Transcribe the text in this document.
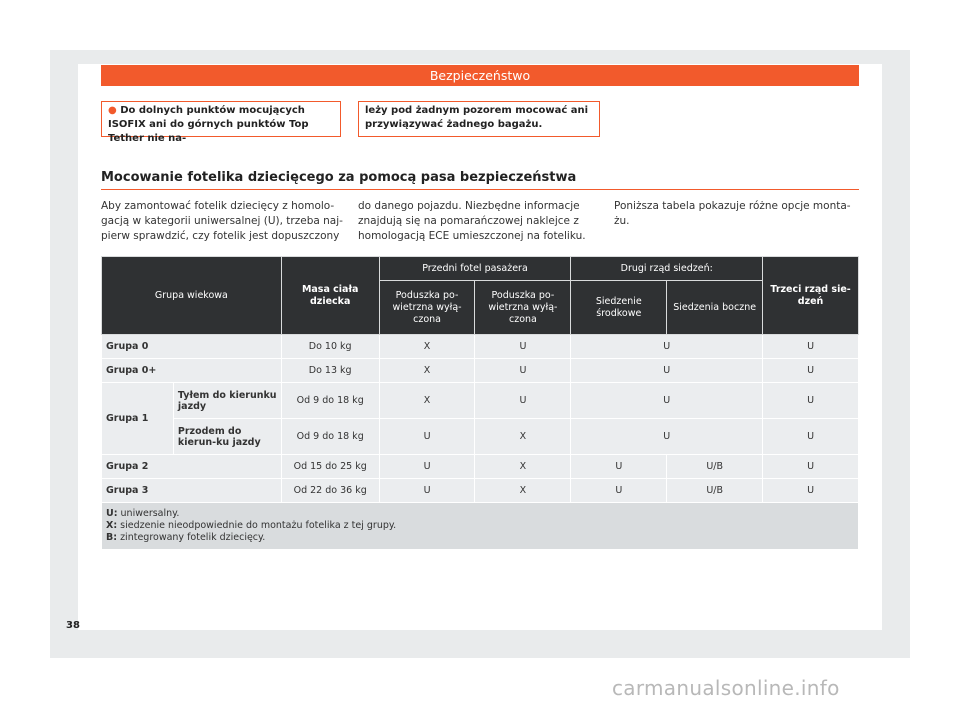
Bezpieczeństwo
● Do dolnych punktów mocujących ISOFIX ani do górnych punktów Top Tether nie na-
leży pod żadnym pozorem mocować ani przywiązywać żadnego bagażu.
Mocowanie fotelika dziecięcego za pomocą pasa bezpieczeństwa
Aby zamontować fotelik dziecięcy z homolo-gacją w kategorii uniwersalnej (U), trzeba naj-pierw sprawdzić, czy fotelik jest dopuszczony
do danego pojazdu. Niezbędne informacje znajdują się na pomarańczowej naklejce z homologacją ECE umieszczonej na foteliku.
Poniższa tabela pokazuje różne opcje monta-żu.
Grupa wiekowa		Masa ciała dziecka	Przedni fotel pasażera		Drugi rząd siedzeń:		Trzeci rząd sie-dzeń
			Poduszka po-wietrzna wyłą-czona	Poduszka po-wietrzna wyłą-czona	Siedzenie środkowe	Siedzenia boczne	
Grupa 0		Do 10 kg	X	U	U		U
Grupa 0+		Do 13 kg	X	U	U		U
Grupa 1	Tyłem do kierunku jazdy	Od 9 do 18 kg	X	U	U		U
	Przodem do kierun-ku jazdy	Od 9 do 18 kg	U	X	U		U
Grupa 2		Od 15 do 25 kg	U	X	U	U/B	U
Grupa 3		Od 22 do 36 kg	U	X	U	U/B	U

U: uniwersalny.
X: siedzenie nieodpowiednie do montażu fotelika z tej grupy.
B: zintegrowany fotelik dziecięcy.							
38
carmanualsonline.info
